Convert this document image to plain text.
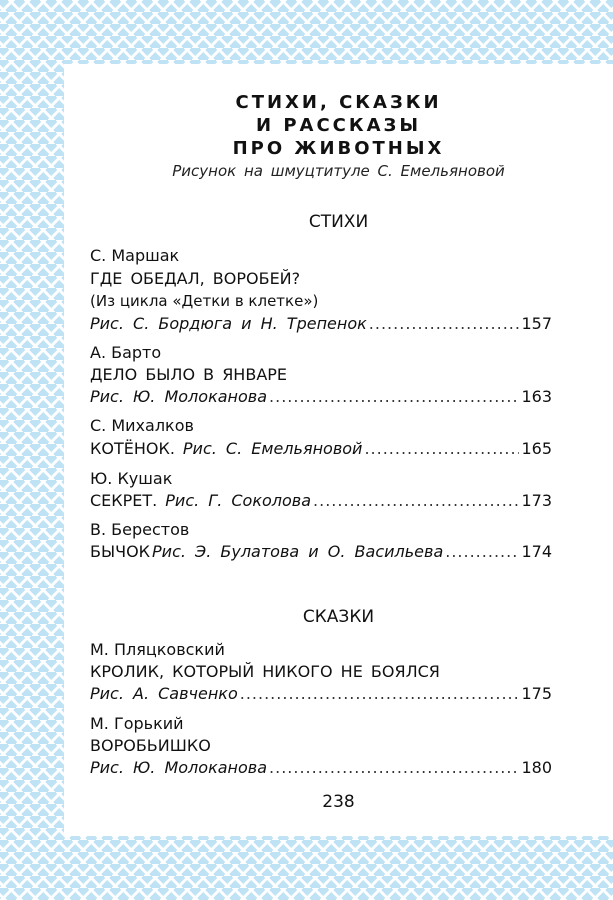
СТИХИ, СКАЗКИ
И РАССКАЗЫ
ПРО ЖИВОТНЫХ
Рисунок на шмуцтитуле С. Емельяновой
СТИХИ
С. Маршак
ГДЕ ОБЕДАЛ, ВОРОБЕЙ?
(Из цикла «Детки в клетке»)
Рис. С. Бордюга и Н. Трепенок .....	157
А. Барто
ДЕЛО БЫЛО В ЯНВАРЕ
Рис. Ю. Молоканова .....	163
С. Михалков
КОТЁНОК. Рис. С. Емельяновой .....	165
Ю. Кушак
СЕКРЕТ. Рис. Г. Соколова .....	173
В. Берестов
БЫЧОК Рис. Э. Булатова и О. Васильева .....	174
СКАЗКИ
М. Пляцковский
КРОЛИК, КОТОРЫЙ НИКОГО НЕ БОЯЛСЯ
Рис. А. Савченко .....	175
М. Горький
ВОРОБЬИШКО
Рис. Ю. Молоканова .....	180
238
